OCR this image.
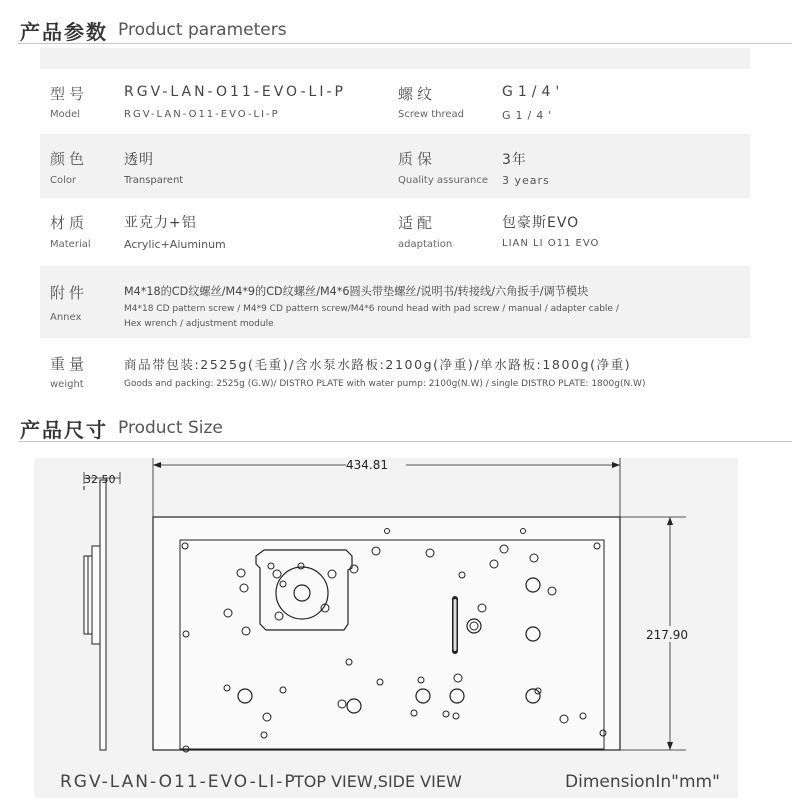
产品参数 Product parameters
型号
Model
RGV-LAN-O11-EVO-LI-P
RGV-LAN-O11-EVO-LI-P
螺纹
Screw thread
G1/4'
G1/4'
颜色
Color
透明
Transparent
质保
Quality assurance
3年
3 years
材质
Material
亚克力+铝
Acrylic+Aiuminum
适配
adaptation
包豪斯EVO
LIAN LI O11 EVO
附件
Annex
M4*18的CD纹螺丝/M4*9的CD纹螺丝/M4*6圆头带垫螺丝/说明书/转接线/六角扳手/调节模块
M4*18 CD pattern screw / M4*9 CD pattern screw/M4*6 round head with pad screw / manual / adapter cable /
Hex wrench / adjustment module
重量
weight
商品带包装:2525g(毛重)/含水泵水路板:2100g(净重)/单水路板:1800g(净重)
Goods and packing: 2525g (G.W)/ DISTRO PLATE with water pump: 2100g(N.W) / single DISTRO PLATE: 1800g(N.W)
产品尺寸 Product Size
32.50
434.81
217.90
RGV-LAN-O11-EVO-LI-P
TOP VIEW,SIDE VIEW	DimensionIn"mm"
